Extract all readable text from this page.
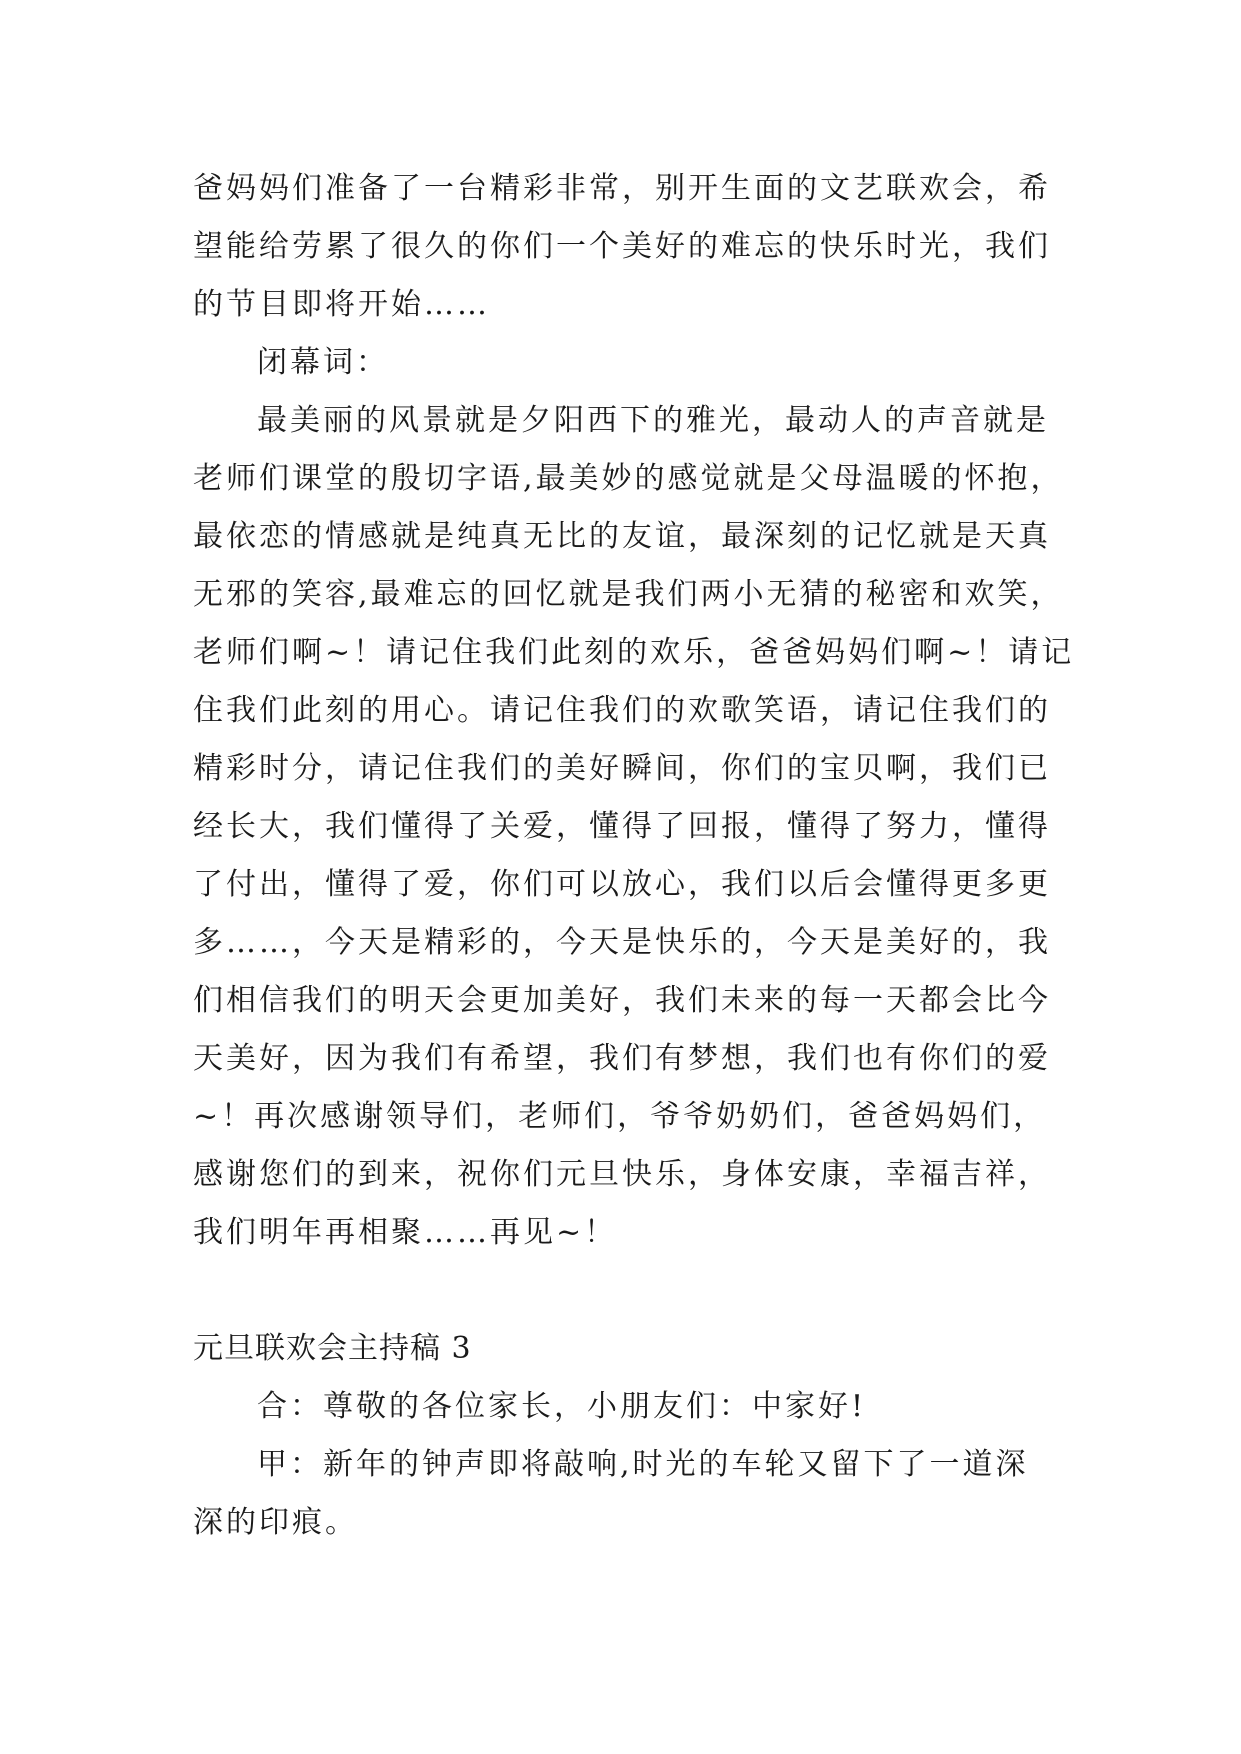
爸妈妈们准备了一台精彩非常，别开生面的文艺联欢会，希
望能给劳累了很久的你们一个美好的难忘的快乐时光，我们
的节目即将开始……
闭幕词：
最美丽的风景就是夕阳西下的雅光，最动人的声音就是
老师们课堂的殷切字语,最美妙的感觉就是父母温暖的怀抱，
最依恋的情感就是纯真无比的友谊，最深刻的记忆就是天真
无邪的笑容,最难忘的回忆就是我们两小无猜的秘密和欢笑，
老师们啊~！请记住我们此刻的欢乐，爸爸妈妈们啊~！请记
住我们此刻的用心。请记住我们的欢歌笑语，请记住我们的
精彩时分，请记住我们的美好瞬间，你们的宝贝啊，我们已
经长大，我们懂得了关爱，懂得了回报，懂得了努力，懂得
了付出，懂得了爱，你们可以放心，我们以后会懂得更多更
多……，今天是精彩的，今天是快乐的，今天是美好的，我
们相信我们的明天会更加美好，我们未来的每一天都会比今
天美好，因为我们有希望，我们有梦想，我们也有你们的爱
~！再次感谢领导们，老师们，爷爷奶奶们，爸爸妈妈们，
感谢您们的到来，祝你们元旦快乐，身体安康，幸福吉祥，
我们明年再相聚……再见~！
元旦联欢会主持稿 3
合：尊敬的各位家长，小朋友们：中家好!
甲：新年的钟声即将敲响,时光的车轮又留下了一道深
深的印痕。
